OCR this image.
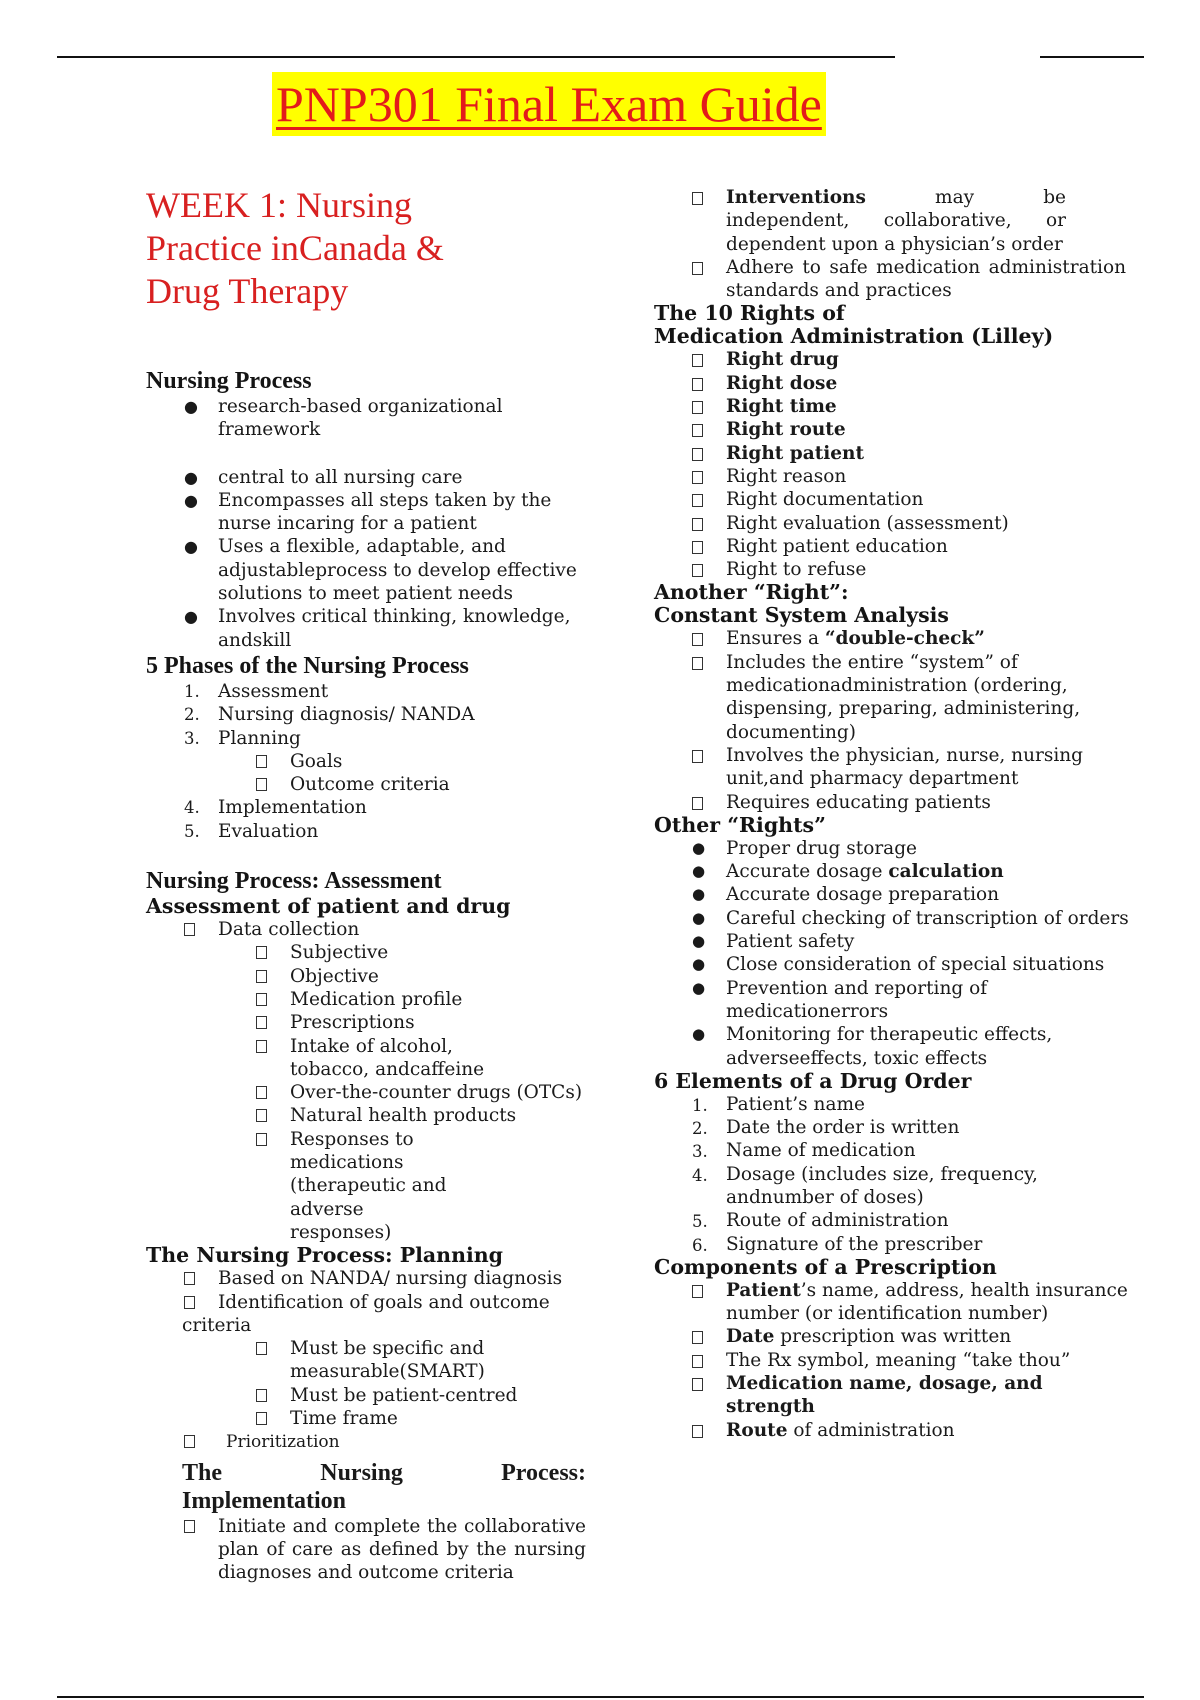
PNP301 Final Exam Guide
WEEK 1: Nursing
Practice inCanada &
Drug Therapy
Nursing Process
● research-based organizational framework
● central to all nursing care
● Encompasses all steps taken by the nurse incaring for a patient
● Uses a flexible, adaptable, and adjustableprocess to develop effective solutions to meet patient needs
● Involves critical thinking, knowledge, andskill
5 Phases of the Nursing Process
1. Assessment
2. Nursing diagnosis/ NANDA
3. Planning
Goals
Outcome criteria
4. Implementation
5. Evaluation
Nursing Process: Assessment
Assessment of patient and drug
Data collection
Subjective
Objective
Medication profile
Prescriptions
Intake of alcohol, tobacco, andcaffeine
Over-the-counter drugs (OTCs)
Natural health products
Responses to medications (therapeutic and adverse responses)
The Nursing Process: Planning
Based on NANDA/ nursing diagnosis
Identification of goals and outcome
criteria
Must be specific and measurable(SMART)
Must be patient-centred
Time frame
Prioritization
The	Nursing	Process:
Implementation
Initiate and complete the collaborative plan of care as defined by the nursing diagnoses and outcome criteria
Interventions may be independent, collaborative, or dependent upon a physician’s order
Adhere to safe medication administration standards and practices
The 10 Rights of
Medication Administration (Lilley)
Right drug
Right dose
Right time
Right route
Right patient
Right reason
Right documentation
Right evaluation (assessment)
Right patient education
Right to refuse
Another “Right”:
Constant System Analysis
Ensures a “double-check”
Includes the entire “system” of medicationadministration (ordering, dispensing, preparing, administering, documenting)
Involves the physician, nurse, nursing unit,and pharmacy department
Requires educating patients
Other “Rights”
● Proper drug storage
● Accurate dosage calculation
● Accurate dosage preparation
● Careful checking of transcription of orders
● Patient safety
● Close consideration of special situations
● Prevention and reporting of medicationerrors
● Monitoring for therapeutic effects, adverseeffects, toxic effects
6 Elements of a Drug Order
1. Patient’s name
2. Date the order is written
3. Name of medication
4. Dosage (includes size, frequency, andnumber of doses)
5. Route of administration
6. Signature of the prescriber
Components of a Prescription
Patient’s name, address, health insurance number (or identification number)
Date prescription was written
The Rx symbol, meaning “take thou”
Medication name, dosage, and strength
Route of administration
